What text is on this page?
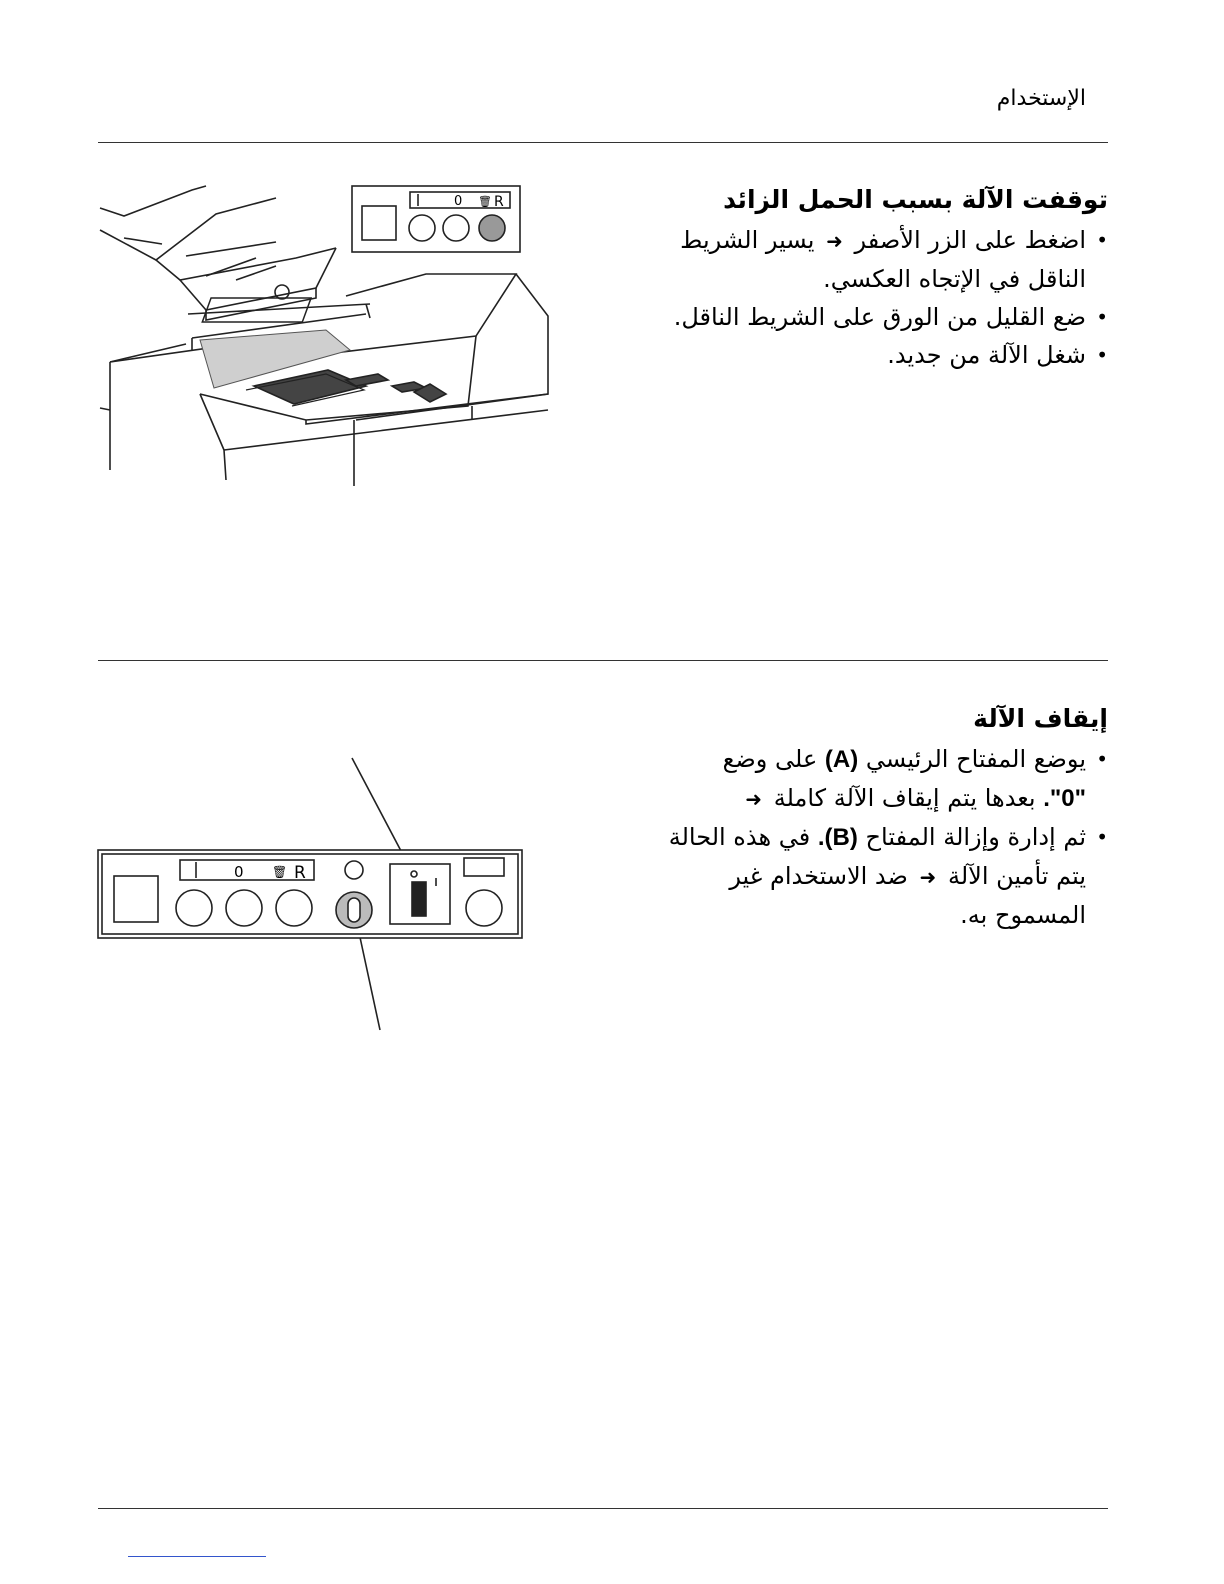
الإستخدام
توقفت الآلة بسبب الحمل الزائد
• اضغط على الزر الأصفر ➜ يسير الشريط
الناقل في الإتجاه العكسي.
• ضع القليل من الورق على الشريط الناقل.
• شغل الآلة من جديد.
0 🗑 R
إيقاف الآلة
• يوضع المفتاح الرئيسي (A) على وضع
"0". بعدها يتم إيقاف الآلة كاملة ➜
• ثم إدارة وإزالة المفتاح (B). في هذه الحالة
يتم تأمين الآلة ➜ ضد الاستخدام غير
المسموح به.
0 🗑 R
